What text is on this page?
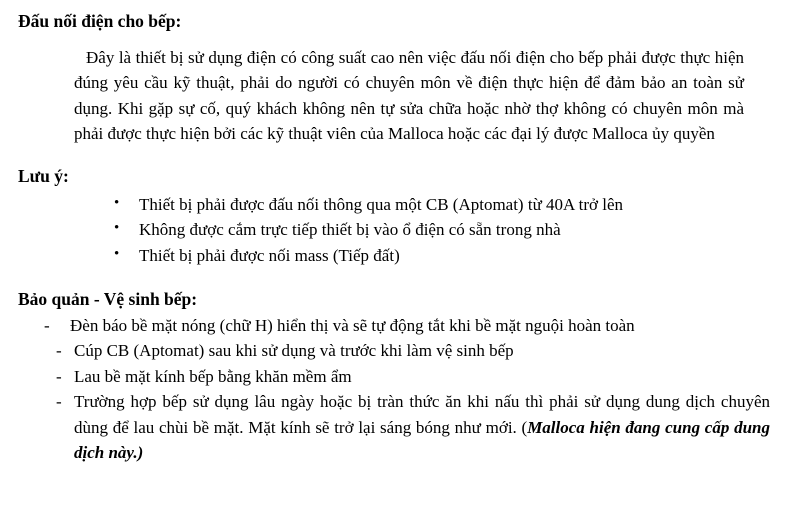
Đấu nối điện cho bếp:

Đây là thiết bị sử dụng điện có công suất cao nên việc đấu nối điện cho bếp phải được thực hiện đúng yêu cầu kỹ thuật, phải do người có chuyên môn về điện thực hiện để đảm bảo an toàn sử dụng. Khi gặp sự cố, quý khách không nên tự sửa chữa hoặc nhờ thợ không có chuyên môn mà phải được thực hiện bởi các kỹ thuật viên của Malloca hoặc các đại lý được Malloca ủy quyền

Lưu ý:
• Thiết bị phải được đấu nối thông qua một CB (Aptomat) từ 40A trở lên
• Không được cắm trực tiếp thiết bị vào ổ điện có sẵn trong nhà
• Thiết bị phải được nối mass (Tiếp đất)
Bảo quản - Vệ sinh bếp:
- Đèn báo bề mặt nóng (chữ H) hiển thị và sẽ tự động tắt khi bề mặt nguội hoàn toàn
- Cúp CB (Aptomat) sau khi sử dụng và trước khi làm vệ sinh bếp
- Lau bề mặt kính bếp bằng khăn mềm ẩm
- Trường hợp bếp sử dụng lâu ngày hoặc bị tràn thức ăn khi nấu thì phải sử dụng dung dịch chuyên dùng để lau chùi bề mặt. Mặt kính sẽ trở lại sáng bóng như mới. (Malloca hiện đang cung cấp dung dịch này.)
